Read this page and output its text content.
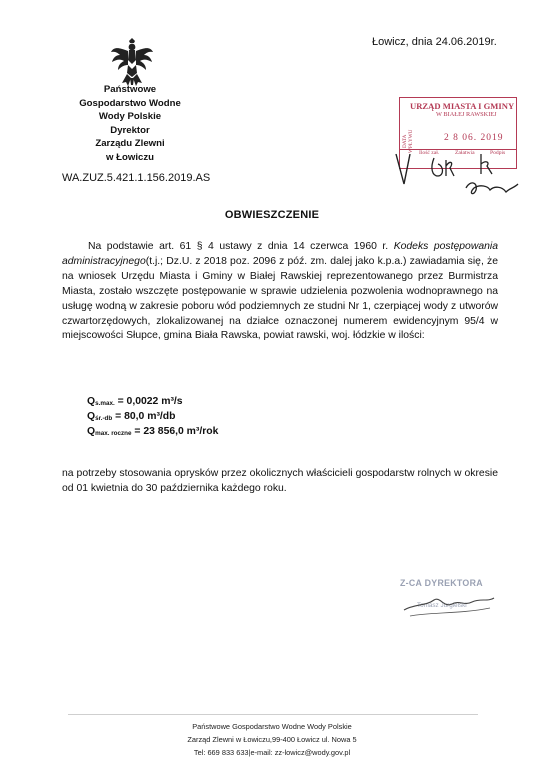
Państwowe
Gospodarstwo Wodne
Wody Polskie
Dyrektor
Zarządu Zlewni
w Łowiczu
Łowicz, dnia 24.06.2019r.
WA.ZUZ.5.421.1.156.2019.AS
URZĄD MIASTA I GMINY
W BIAŁEJ RAWSKIEJ
DATA WPŁYWU	2 8 06. 2019
Ilość zał.	Załatwia	Podpis
OBWIESZCZENIE

Na podstawie art. 61 § 4 ustawy z dnia 14 czerwca 1960 r. Kodeks postępowania administracyjnego(t.j.; Dz.U. z 2018 poz. 2096 z póź. zm. dalej jako k.p.a.) zawiadamia się, że na wniosek Urzędu Miasta i Gminy w Białej Rawskiej reprezentowanego przez Burmistrza Miasta, zostało wszczęte postępowanie w sprawie udzielenia pozwolenia wodnoprawnego na usługę wodną w zakresie poboru wód podziemnych ze studni Nr 1, czerpiącej wody z utworów czwartorzędowych, zlokalizowanej na działce oznaczonej numerem ewidencyjnym 95/4 w miejscowości Słupce, gmina Biała Rawska, powiat rawski, woj. łódzkie w ilości:

$Q_{s.max.} = 0,0022$ m³/s
$Q_{śr.-db} = 80,0$ m³/db
$Q_{max. roczne} = 23$ 856,0 m³/rok

na potrzeby stosowania oprysków przez okolicznych właścicieli gospodarstw rolnych w okresie od 01 kwietnia do 30 października każdego roku.

Z-CA DYREKTORA
Tomasz Jurgielski
Państwowe Gospodarstwo Wodne Wody Polskie
Zarząd Zlewni w Łowiczu,99-400 Łowicz ul. Nowa 5
Tel: 669 833 633|e-mail: zz-lowicz@wody.gov.pl
